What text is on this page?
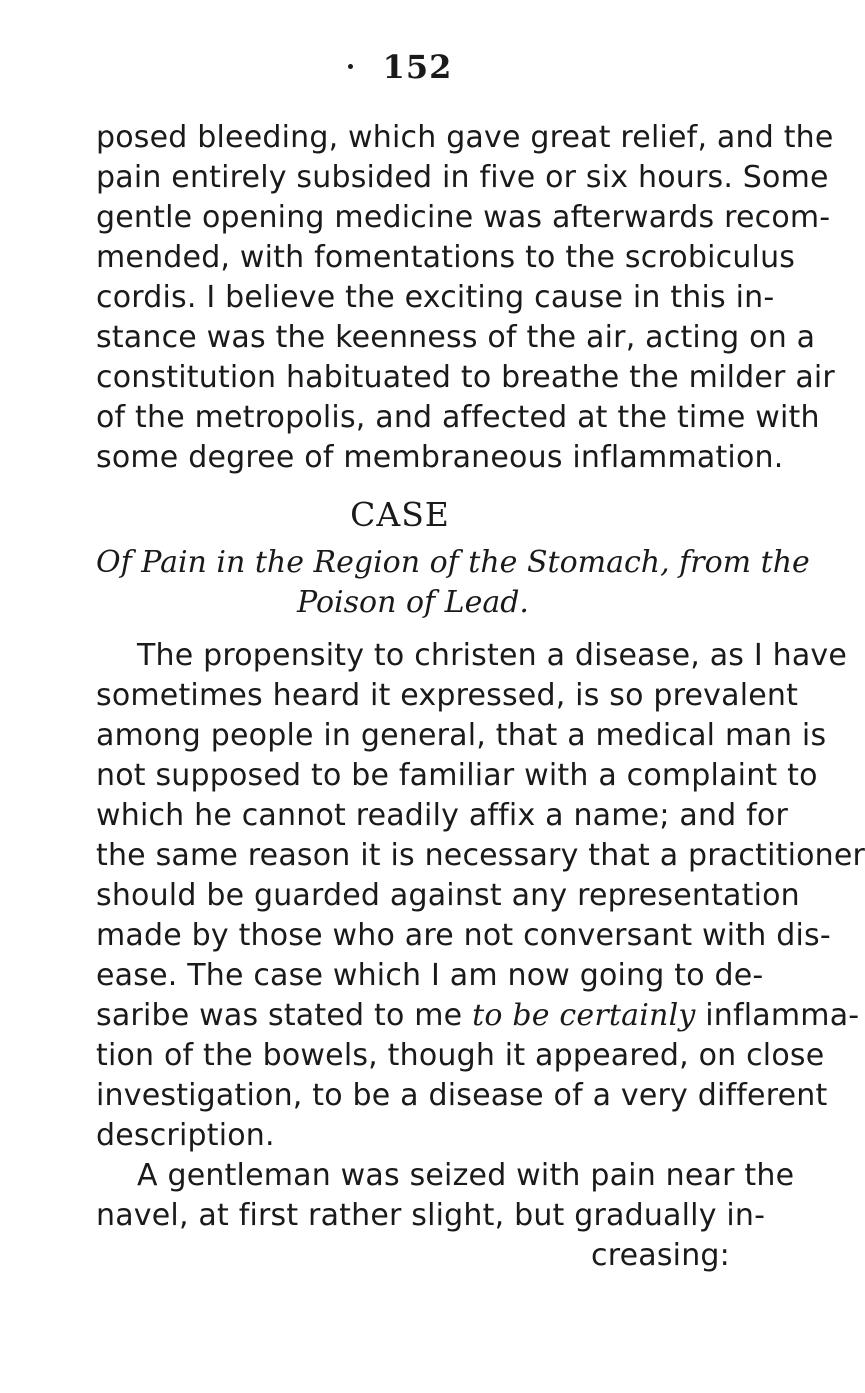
152
posed bleeding, which gave great relief, and the
pain entirely subsided in five or six hours. Some
gentle opening medicine was afterwards recom-
mended, with fomentations to the scrobiculus
cordis. I believe the exciting cause in this in-
stance was the keenness of the air, acting on a
constitution habituated to breathe the milder air
of the metropolis, and affected at the time with
some degree of membraneous inflammation.
CASE
Of Pain in the Region of the Stomach, from the
Poison of Lead.
The propensity to christen a disease, as I have
sometimes heard it expressed, is so prevalent
among people in general, that a medical man is
not supposed to be familiar with a complaint to
which he cannot readily affix a name; and for
the same reason it is necessary that a practitioner
should be guarded against any representation
made by those who are not conversant with dis-
ease. The case which I am now going to de-
saribe was stated to me to be certainly inflamma-
tion of the bowels, though it appeared, on close
investigation, to be a disease of a very different
description.
A gentleman was seized with pain near the
navel, at first rather slight, but gradually in-
creasing:
